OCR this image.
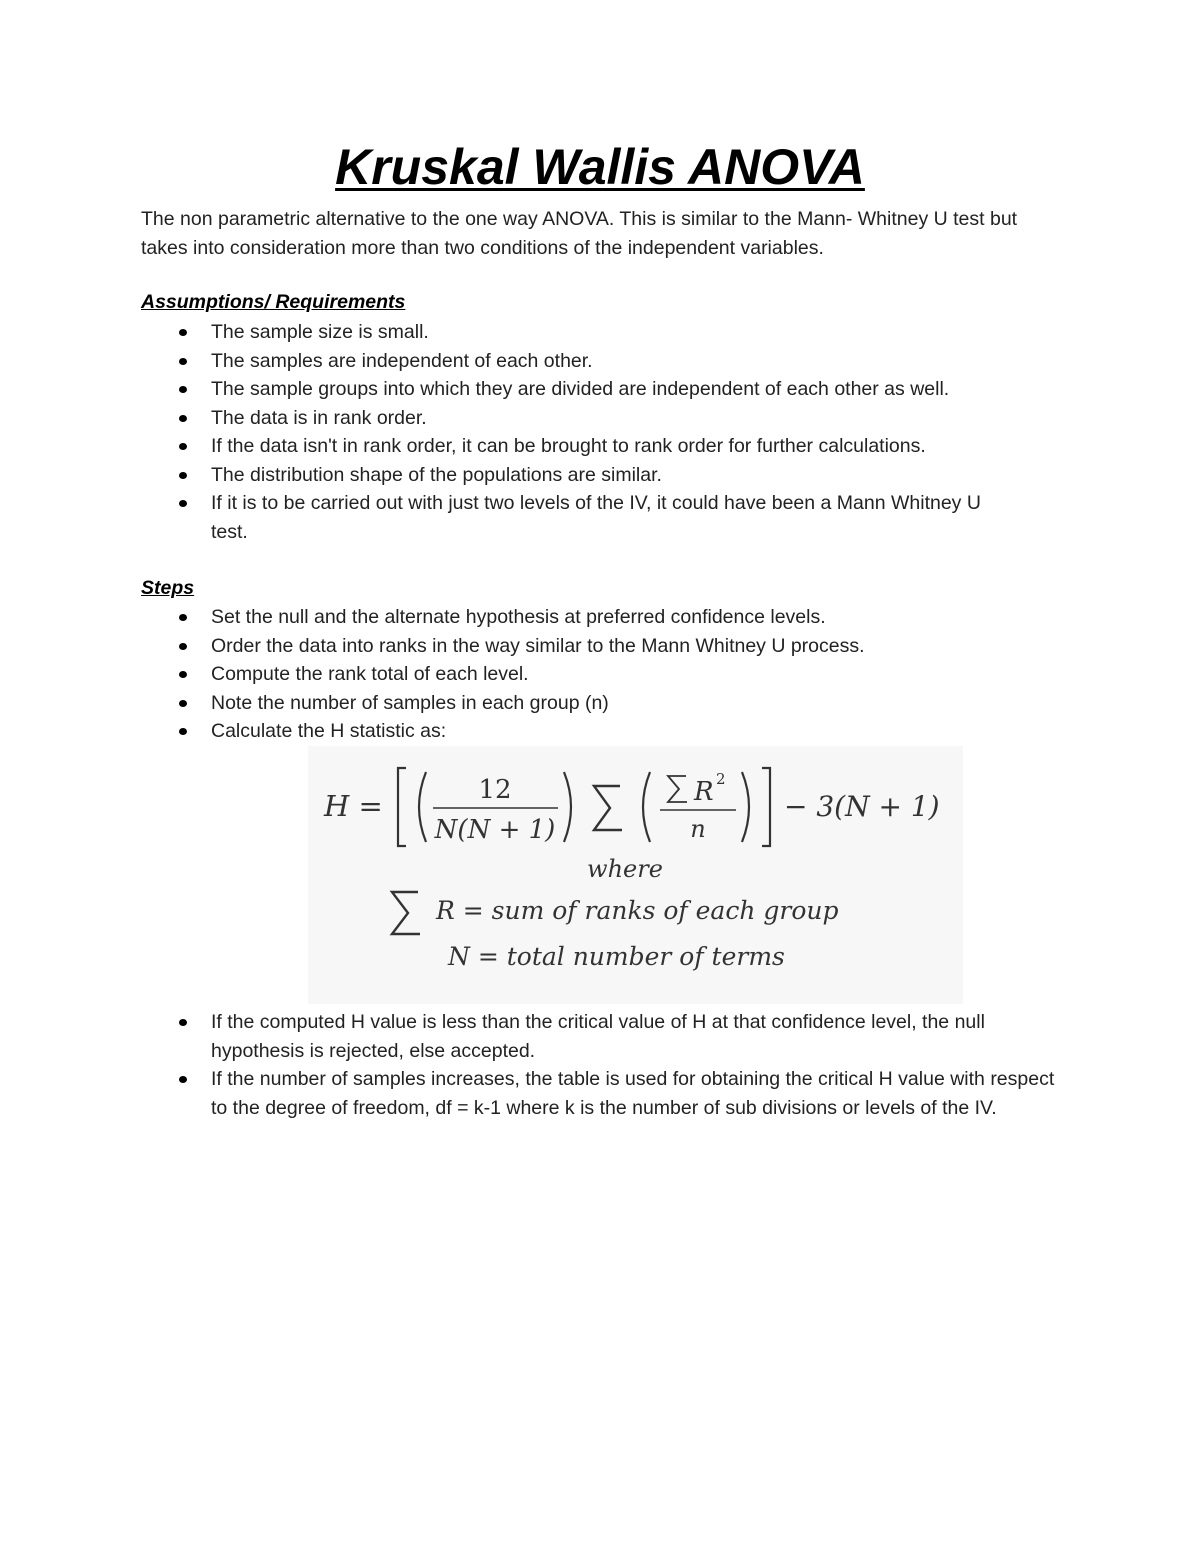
Kruskal Wallis ANOVA

The non parametric alternative to the one way ANOVA. This is similar to the Mann- Whitney U test but takes into consideration more than two conditions of the independent variables.

Assumptions/ Requirements
The sample size is small.
The samples are independent of each other.
The sample groups into which they are divided are independent of each other as well.
The data is in rank order.
If the data isn't in rank order, it can be brought to rank order for further calculations.
The distribution shape of the populations are similar.
If it is to be carried out with just two levels of the IV, it could have been a Mann Whitney U test.
Steps
Set the null and the alternate hypothesis at preferred confidence levels.
Order the data into ranks in the way similar to the Mann Whitney U process.
Compute the rank total of each level.
Note the number of samples in each group (n)
Calculate the H statistic as:
H =	12
N(N + 1)
R 2
n
− 3(N + 1)
where
R = sum of ranks of each group
N = total number of terms
If the computed H value is less than the critical value of H at that confidence level, the null hypothesis is rejected, else accepted.
If the number of samples increases, the table is used for obtaining the critical H value with respect to the degree of freedom, df = k-1 where k is the number of sub divisions or levels of the IV.
